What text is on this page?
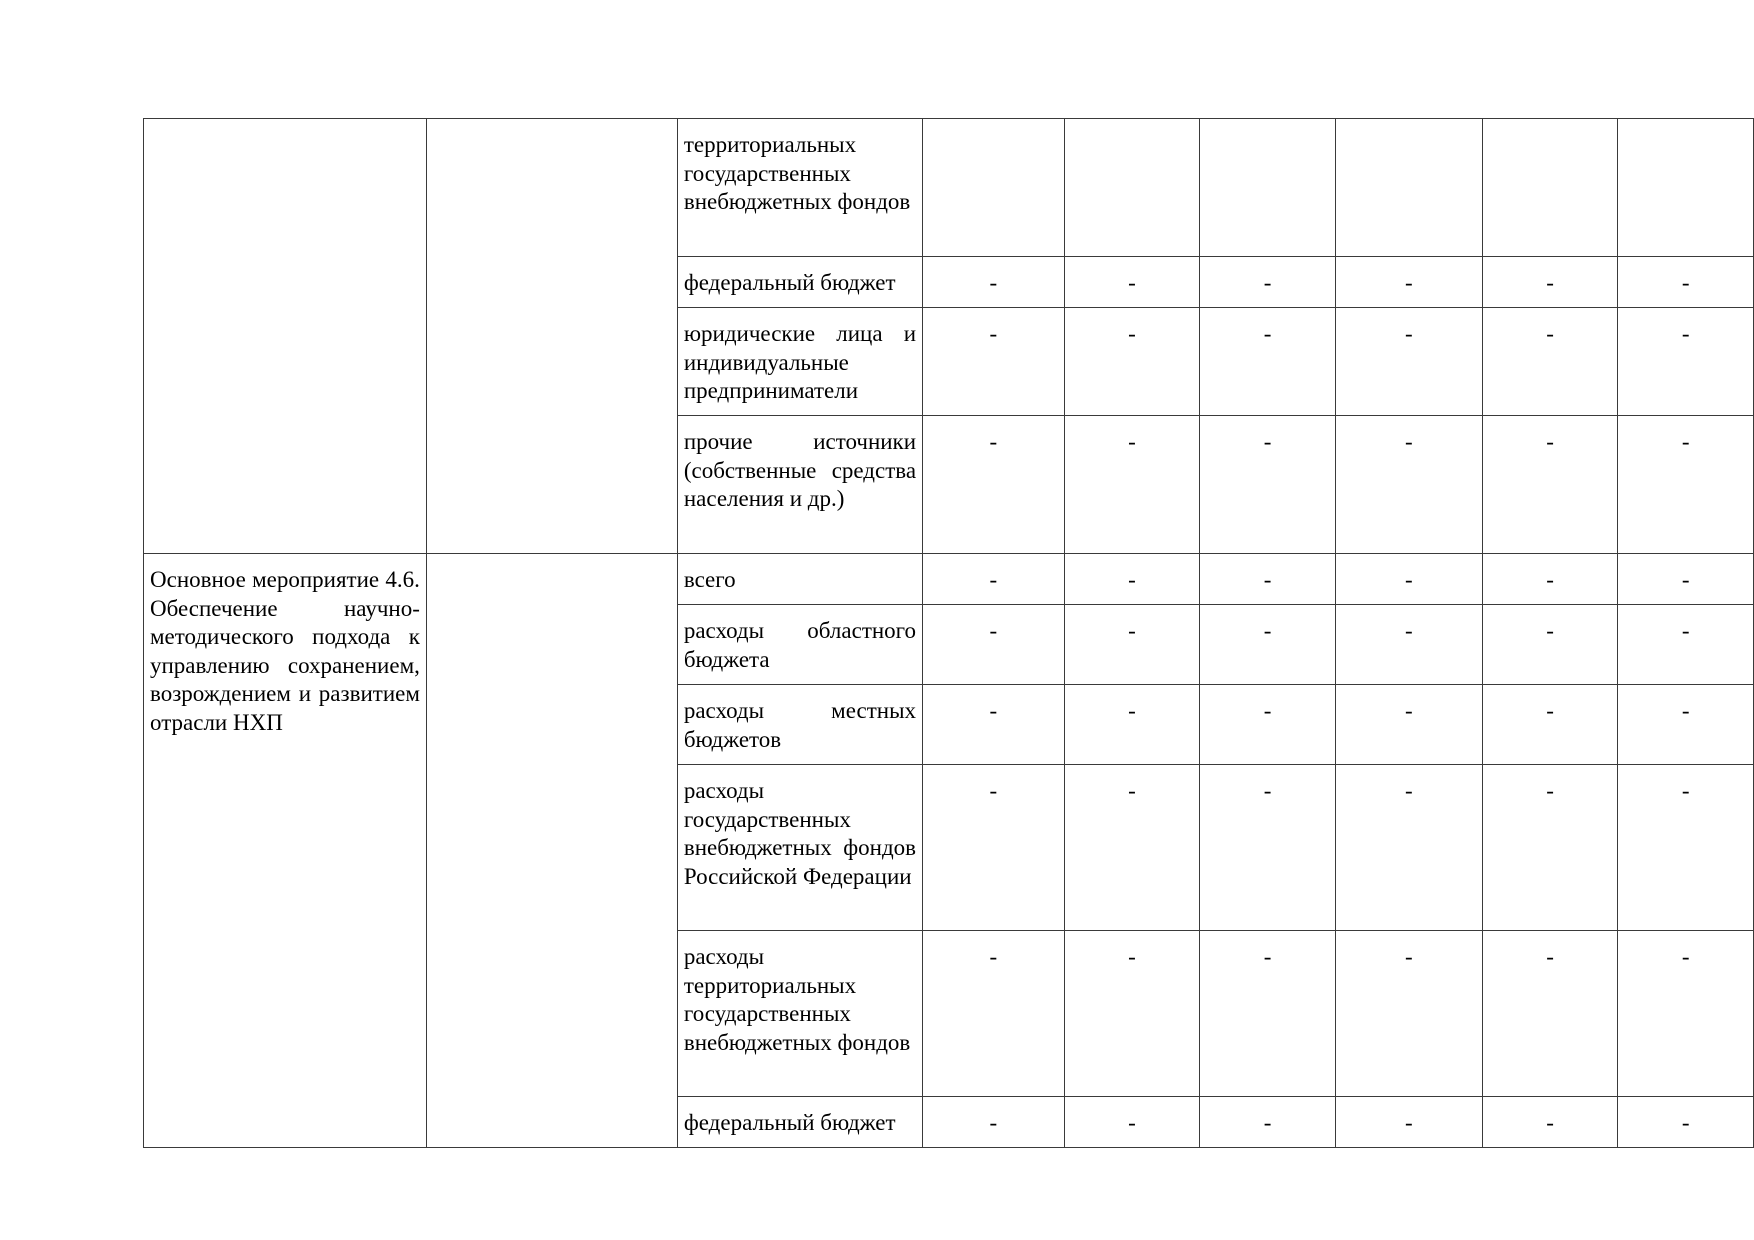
		территориальных государственных внебюджетных фондов						
		федеральный бюджет	-	-	-	-	-	-
		юридические лица и индивидуальные предприниматели	-	-	-	-	-	-
		прочие источники (собственные средства населения и др.)	-	-	-	-	-	-
Основное мероприятие 4.6. Обеспечение научно-методического подхода к управлению сохранением, возрождением и развитием отрасли НХП		всего	-	-	-	-	-	-
		расходы областного бюджета	-	-	-	-	-	-
		расходы местных бюджетов	-	-	-	-	-	-
		расходы государственных внебюджетных фондов Российской Федерации	-	-	-	-	-	-
		расходы территориальных государственных внебюджетных фондов	-	-	-	-	-	-
		федеральный бюджет	-	-	-	-	-	-
